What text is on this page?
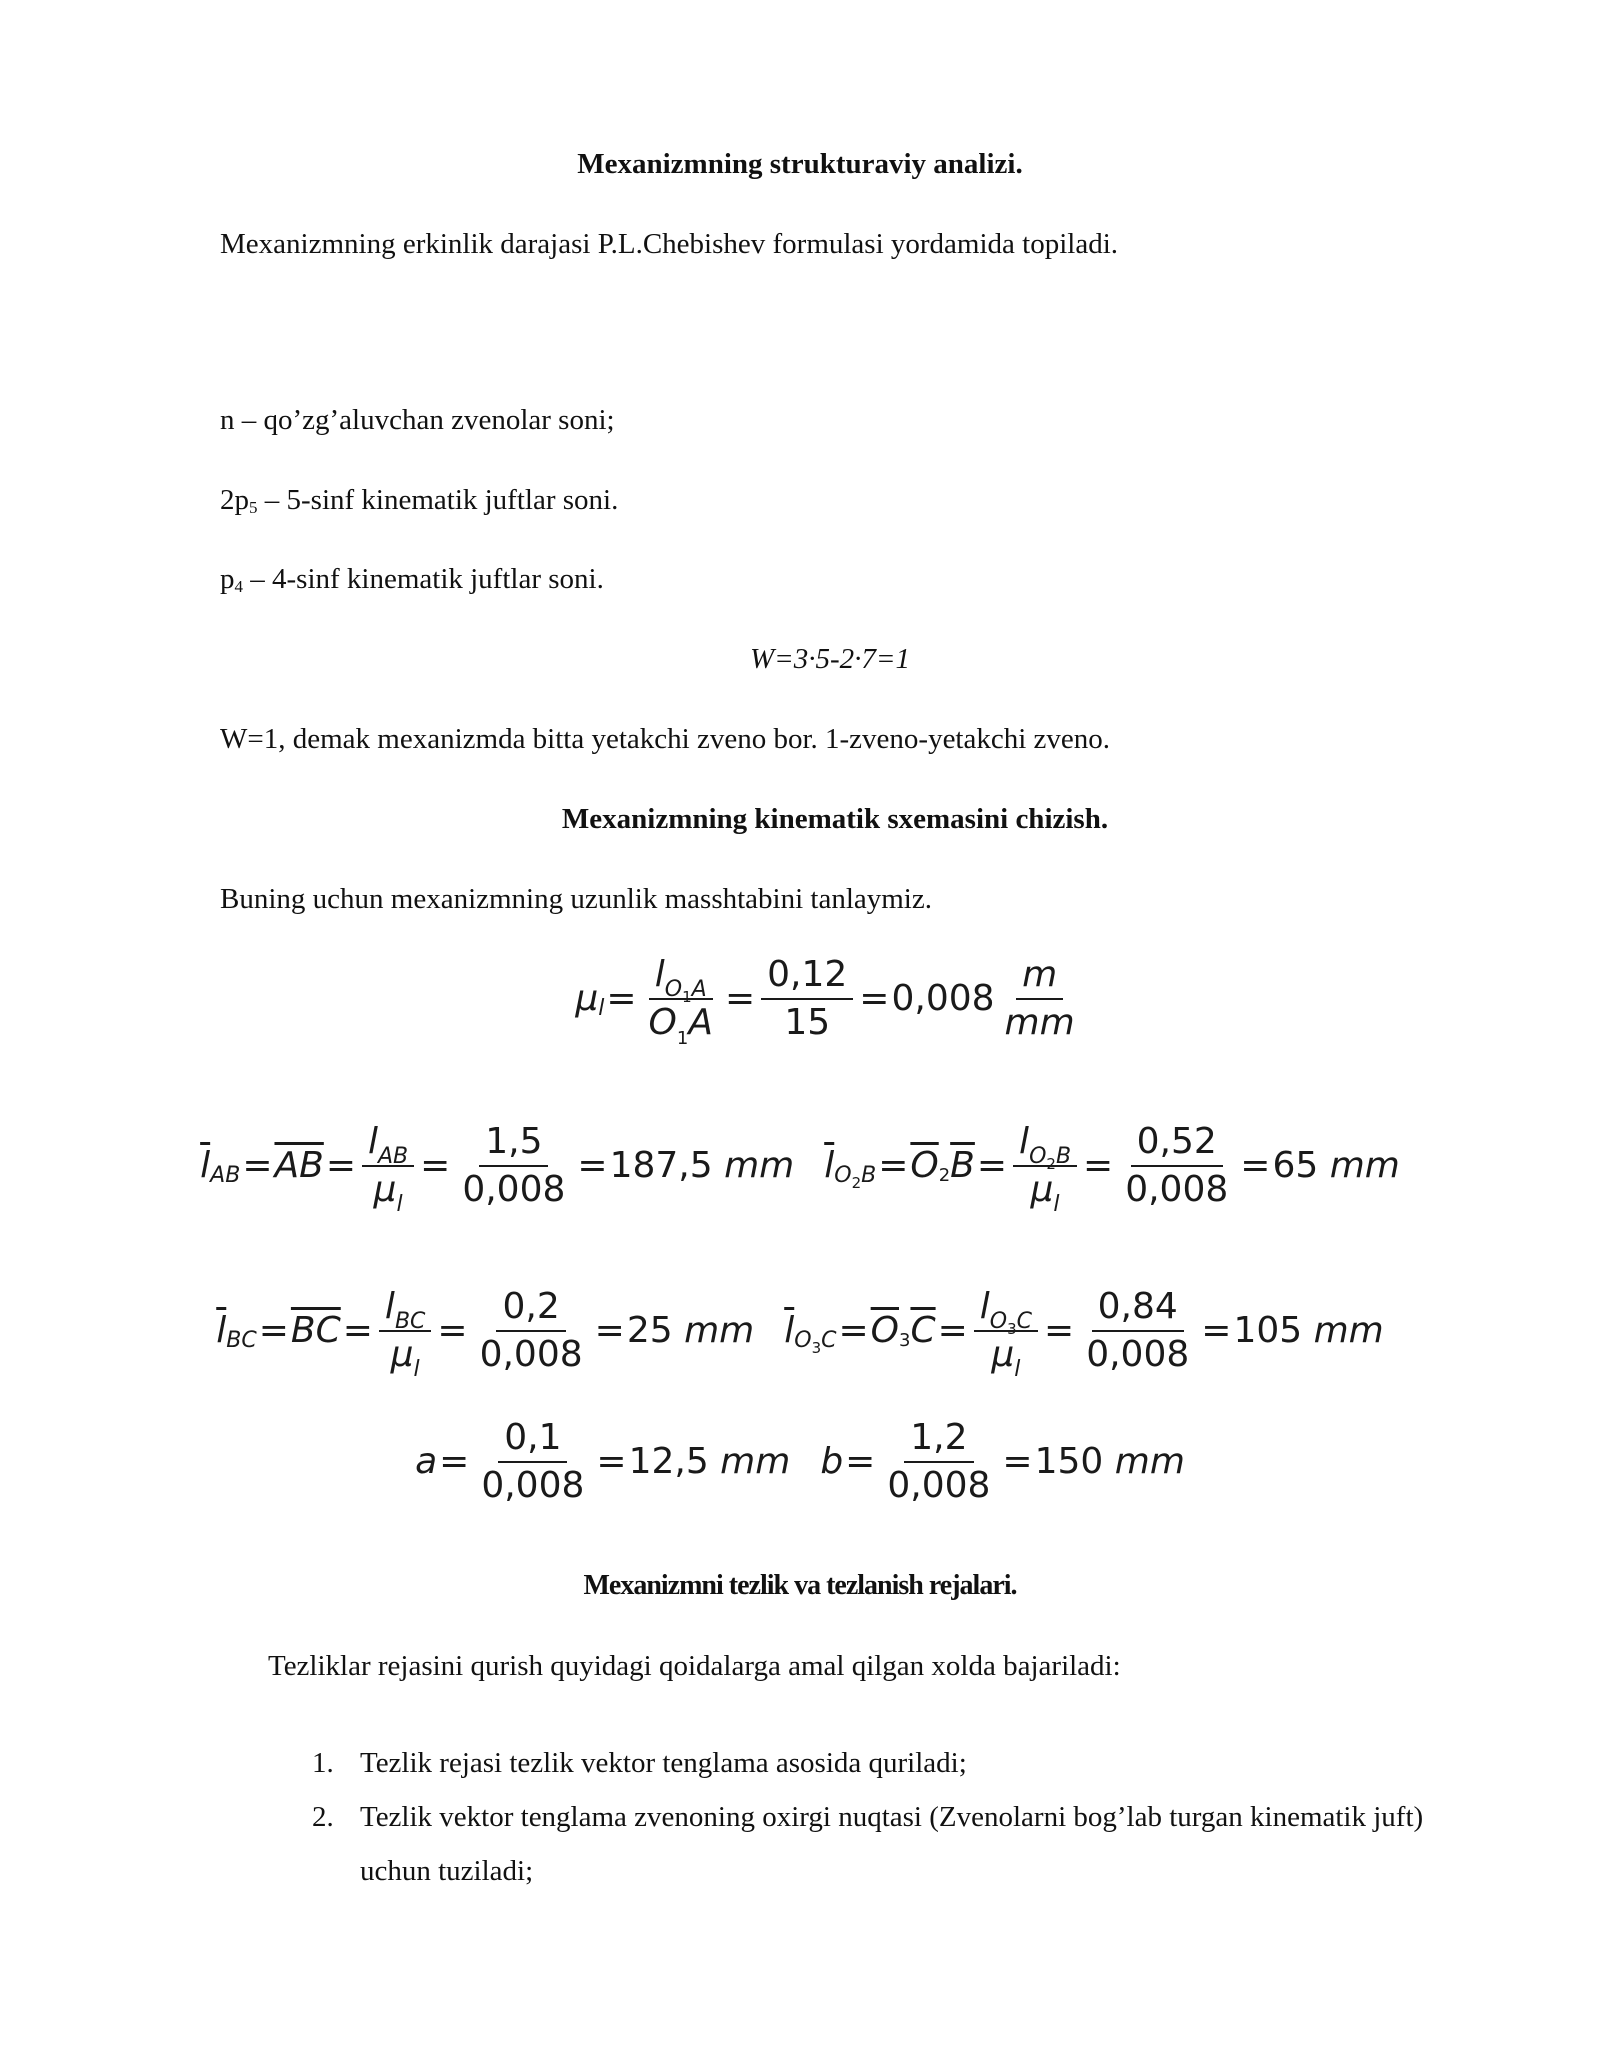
Mexanizmning strukturaviy analizi.
Mexanizmning erkinlik darajasi P.L.Chebishev formulasi yordamida topiladi.
n – qo’zg’aluvchan zvenolar soni;
2p5 – 5-sinf kinematik juftlar soni.
p4 – 4-sinf kinematik juftlar soni.
W=3·5-2·7=1
W=1, demak mexanizmda bitta yetakchi zveno bor. 1-zveno-yetakchi zveno.
Mexanizmning kinematik sxemasini chizish.
Buning uchun mexanizmning uzunlik masshtabini tanlaymiz.
μ $l = \frac{l_{O_1A}}{O_1A} = \frac{0,12}{15} = 0,008 \frac{m}{mm}$
$\overline{l}$ AB = $\overline{AB} = \frac{l_{AB}}{\mu_l} = \frac{1,5}{0,008} = 187,5$
mm $\overline{l}$ $O_2B = \overline{O}$ 2 $\overline{B} = \frac{l_{O_2B}}{\mu_l} = \frac{0,52}{0,008} = 65$
mm
$\overline{l}$ BC = $\overline{BC} = \frac{l_{BC}}{\mu_l} = \frac{0,2}{0,008} = 25$
mm $\overline{l}$ $O_3C = \overline{O}$ 3 $\overline{C} = \frac{l_{O_3C}}{\mu_l} = \frac{0,84}{0,008} = 105$
mm
$a = \frac{0,1}{0,008} = 12,5$
mm $b = \frac{1,2}{0,008} = 150$
mm
Mexanizmni tezlik va tezlanish rejalari.
Tezliklar rejasini qurish quyidagi qoidalarga amal qilgan xolda bajariladi:
1. Tezlik rejasi tezlik vektor tenglama asosida quriladi;
2. Tezlik vektor tenglama zvenoning oxirgi nuqtasi (Zvenolarni bog’lab turgan kinematik juft) uchun tuziladi;
